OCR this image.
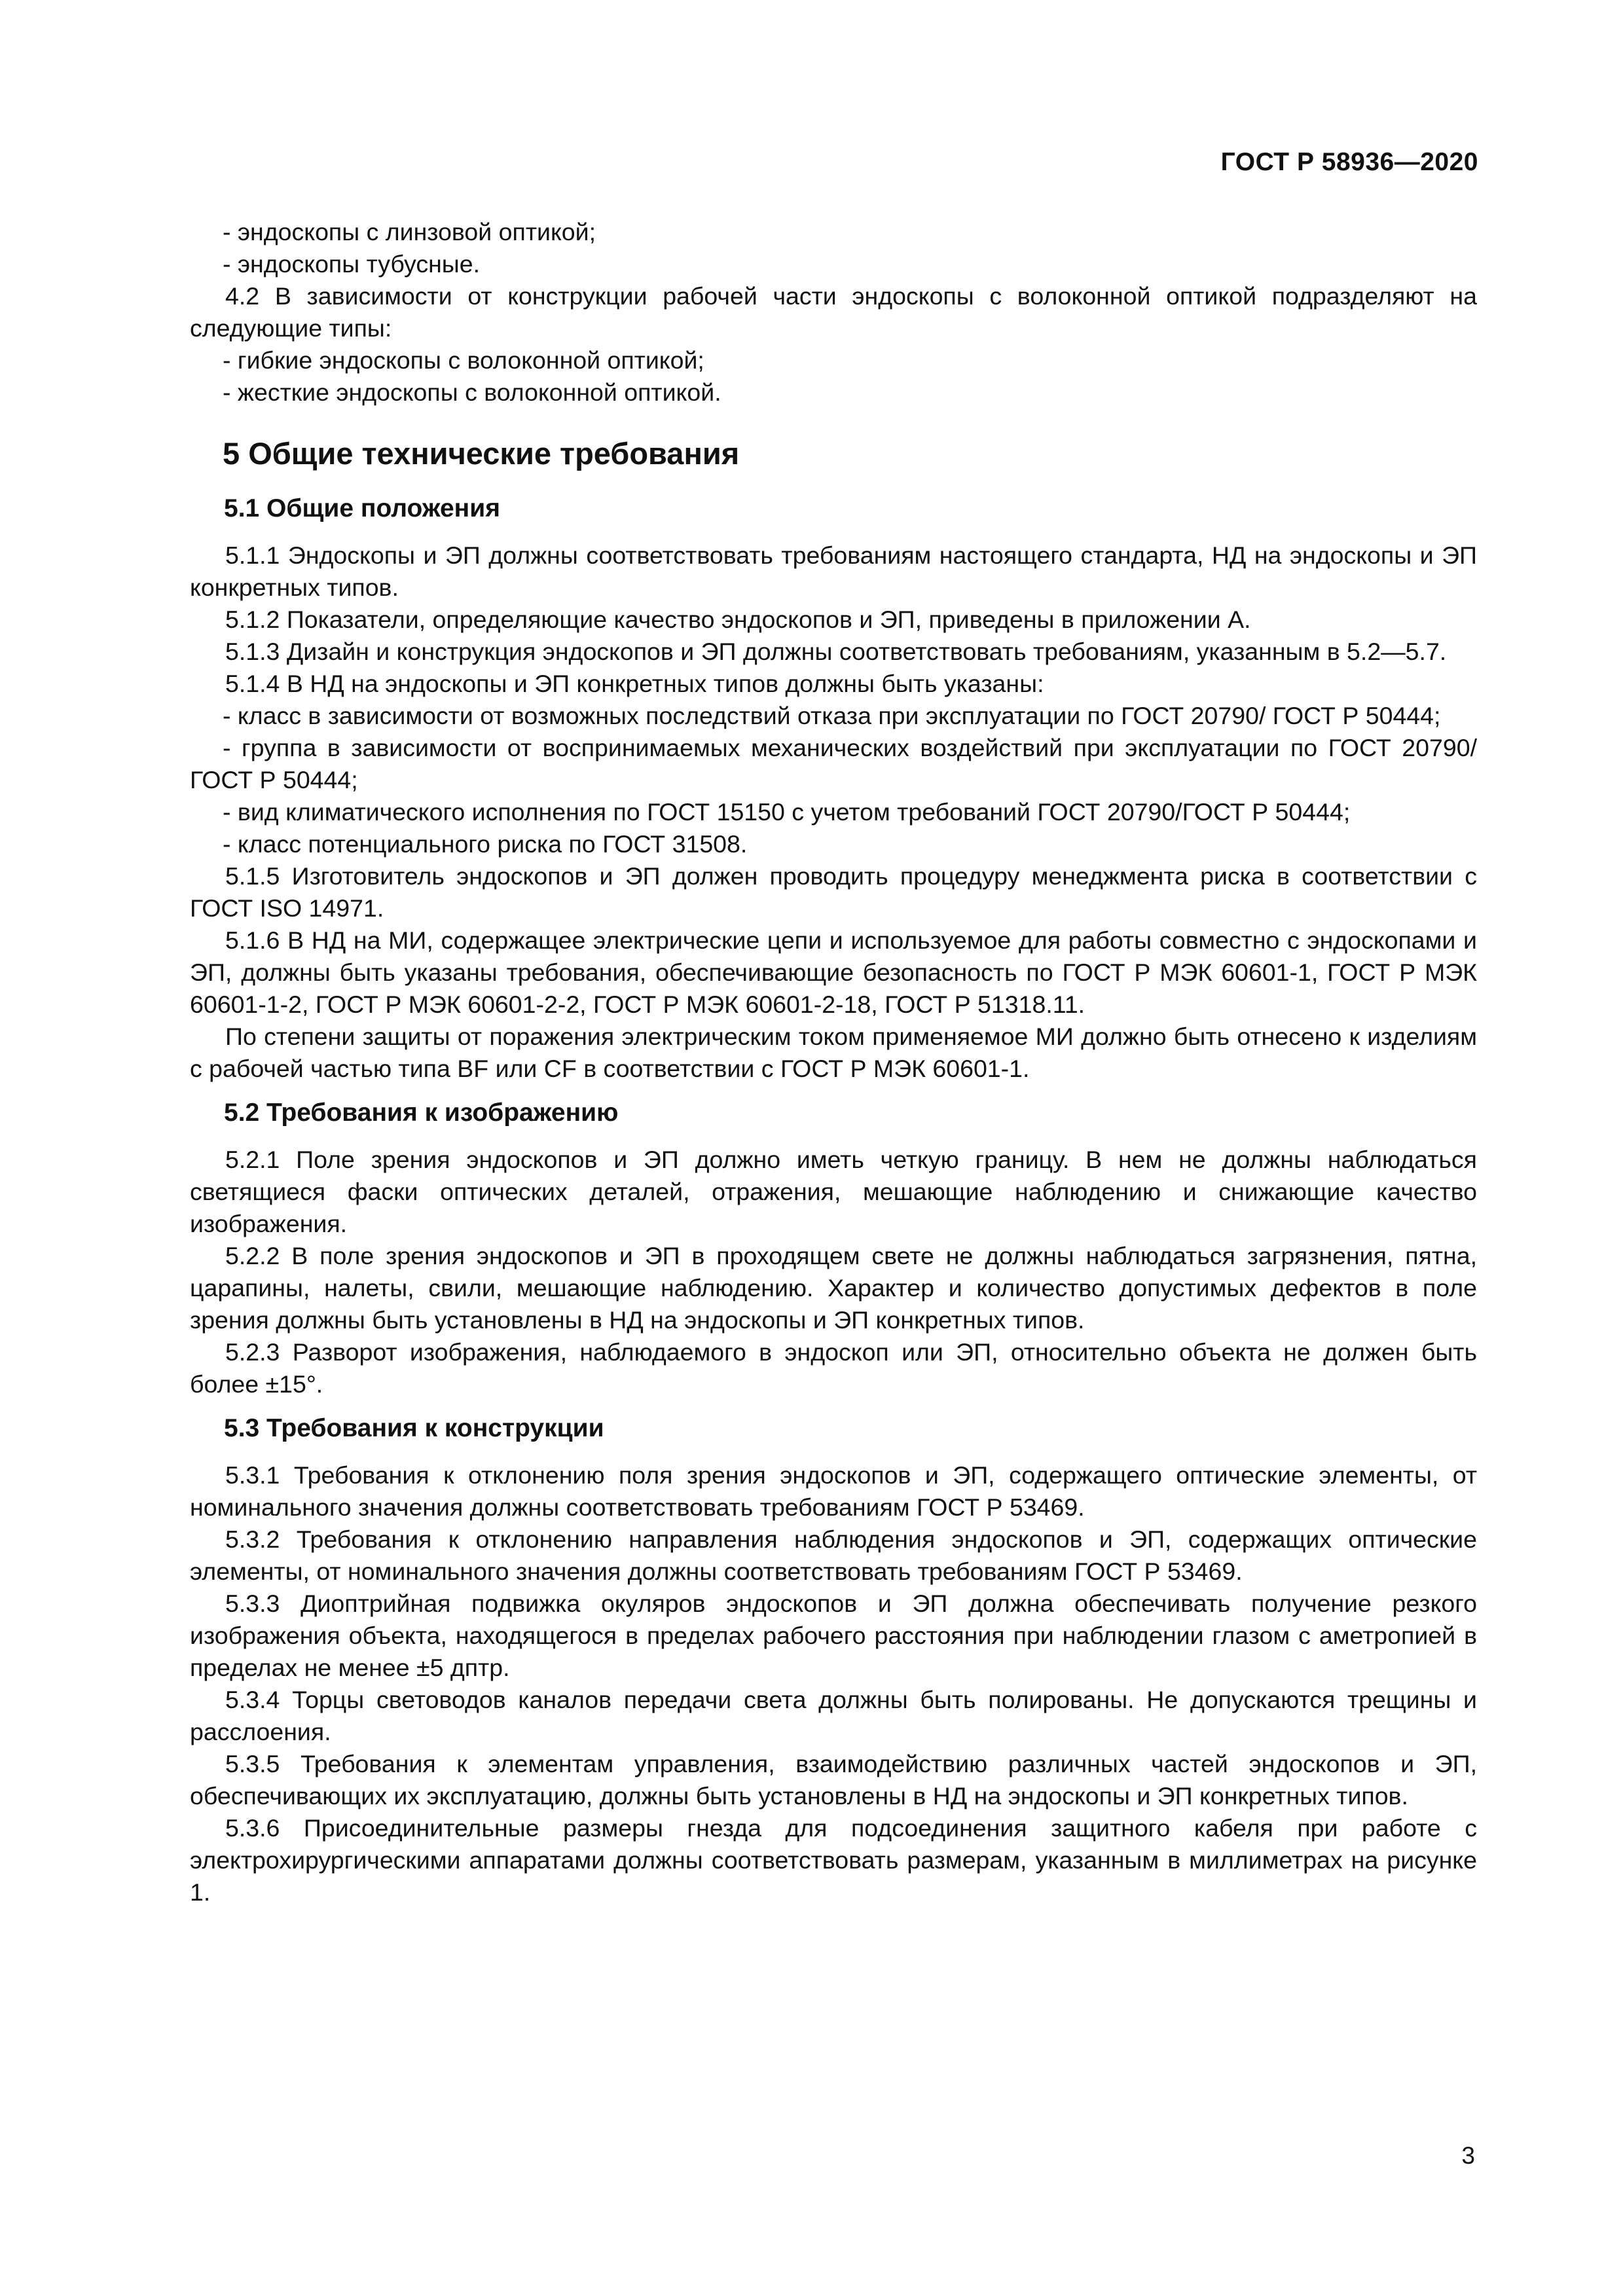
ГОСТ Р 58936—2020

- эндоскопы с линзовой оптикой;

- эндоскопы тубусные.

4.2 В зависимости от конструкции рабочей части эндоскопы с волоконной оптикой подразделяют на следующие типы:

- гибкие эндоскопы с волоконной оптикой;

- жесткие эндоскопы с волоконной оптикой.

5 Общие технические требования
5.1 Общие положения

5.1.1 Эндоскопы и ЭП должны соответствовать требованиям настоящего стандарта, НД на эндоскопы и ЭП конкретных типов.

5.1.2 Показатели, определяющие качество эндоскопов и ЭП, приведены в приложении А.

5.1.3 Дизайн и конструкция эндоскопов и ЭП должны соответствовать требованиям, указанным в 5.2—5.7.

5.1.4 В НД на эндоскопы и ЭП конкретных типов должны быть указаны:

- класс в зависимости от возможных последствий отказа при эксплуатации по ГОСТ 20790/ ГОСТ Р 50444;

- группа в зависимости от воспринимаемых механических воздействий при эксплуатации по ГОСТ 20790/ГОСТ Р 50444;

- вид климатического исполнения по ГОСТ 15150 с учетом требований ГОСТ 20790/ГОСТ Р 50444;

- класс потенциального риска по ГОСТ 31508.

5.1.5 Изготовитель эндоскопов и ЭП должен проводить процедуру менеджмента риска в соответствии с ГОСТ ISO 14971.

5.1.6 В НД на МИ, содержащее электрические цепи и используемое для работы совместно с эндоскопами и ЭП, должны быть указаны требования, обеспечивающие безопасность по ГОСТ Р МЭК 60601-1, ГОСТ Р МЭК 60601-1-2, ГОСТ Р МЭК 60601-2-2, ГОСТ Р МЭК 60601-2-18, ГОСТ Р 51318.11.

По степени защиты от поражения электрическим током применяемое МИ должно быть отнесено к изделиям с рабочей частью типа BF или CF в соответствии с ГОСТ Р МЭК 60601-1.

5.2 Требования к изображению

5.2.1 Поле зрения эндоскопов и ЭП должно иметь четкую границу. В нем не должны наблюдаться светящиеся фаски оптических деталей, отражения, мешающие наблюдению и снижающие качество изображения.

5.2.2 В поле зрения эндоскопов и ЭП в проходящем свете не должны наблюдаться загрязнения, пятна, царапины, налеты, свили, мешающие наблюдению. Характер и количество допустимых дефектов в поле зрения должны быть установлены в НД на эндоскопы и ЭП конкретных типов.

5.2.3 Разворот изображения, наблюдаемого в эндоскоп или ЭП, относительно объекта не должен быть более ±15°.

5.3 Требования к конструкции

5.3.1 Требования к отклонению поля зрения эндоскопов и ЭП, содержащего оптические элементы, от номинального значения должны соответствовать требованиям ГОСТ Р 53469.

5.3.2 Требования к отклонению направления наблюдения эндоскопов и ЭП, содержащих оптические элементы, от номинального значения должны соответствовать требованиям ГОСТ Р 53469.

5.3.3 Диоптрийная подвижка окуляров эндоскопов и ЭП должна обеспечивать получение резкого изображения объекта, находящегося в пределах рабочего расстояния при наблюдении глазом с аметропией в пределах не менее ±5 дптр.

5.3.4 Торцы световодов каналов передачи света должны быть полированы. Не допускаются трещины и расслоения.

5.3.5 Требования к элементам управления, взаимодействию различных частей эндоскопов и ЭП, обеспечивающих их эксплуатацию, должны быть установлены в НД на эндоскопы и ЭП конкретных типов.

5.3.6 Присоединительные размеры гнезда для подсоединения защитного кабеля при работе с электрохирургическими аппаратами должны соответствовать размерам, указанным в миллиметрах на рисунке 1.

3
